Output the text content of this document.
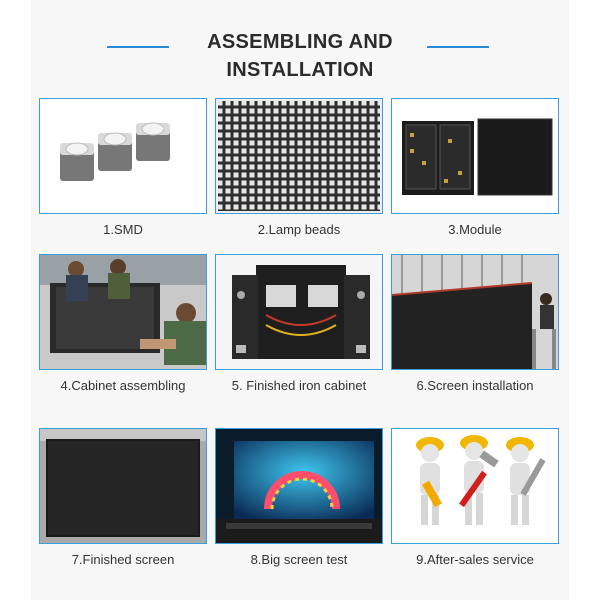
ASSEMBLING AND
INSTALLATION
1.SMD	2.Lamp beads	3.Module
4.Cabinet assembling	5. Finished iron cabinet	6.Screen installation
7.Finished screen	8.Big screen test	9.After-sales service
